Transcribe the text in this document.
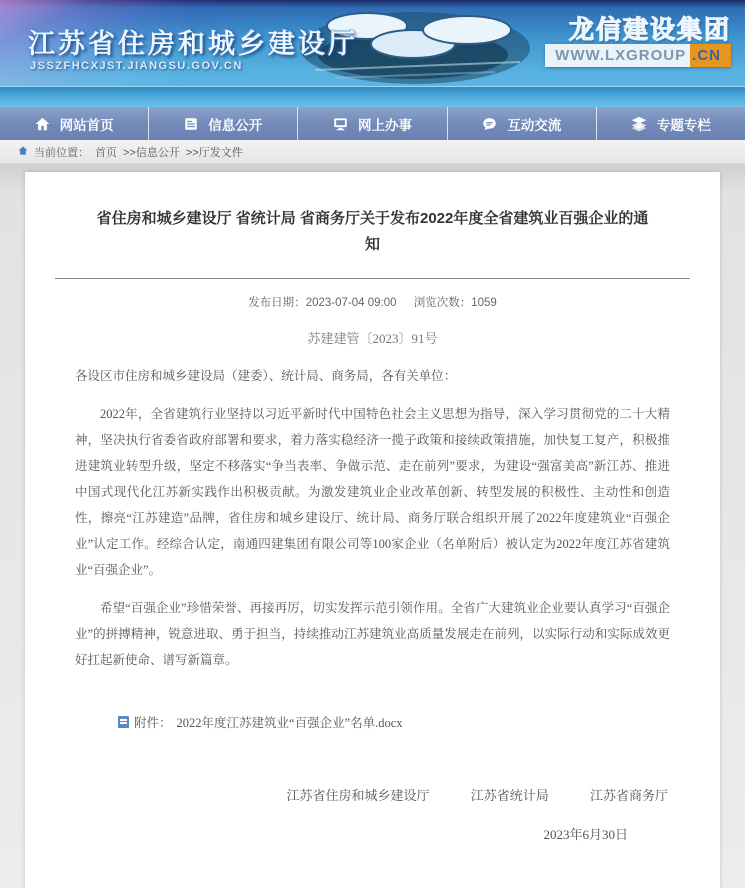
江苏省住房和城乡建设厅
JSSZFHCXJST.JIANGSU.GOV.CN
龙信建设集团
WWW.LXGROUP .CN
网站首页	信息公开	网上办事	互动交流	专题专栏
当前位置： 首页 >>信息公开 >>厅发文件
省住房和城乡建设厅 省统计局 省商务厅关于发布2022年度全省建筑业百强企业的通知
发布日期：2023-07-04 09:00 浏览次数：1059
苏建建管〔2023〕91号

各设区市住房和城乡建设局（建委）、统计局、商务局，各有关单位：

2022年，全省建筑行业坚持以习近平新时代中国特色社会主义思想为指导，深入学习贯彻党的二十大精神，坚决执行省委省政府部署和要求，着力落实稳经济一揽子政策和接续政策措施，加快复工复产，积极推进建筑业转型升级，坚定不移落实“争当表率、争做示范、走在前列”要求，为建设“强富美高”新江苏、推进中国式现代化江苏新实践作出积极贡献。为激发建筑业企业改革创新、转型发展的积极性、主动性和创造性，擦亮“江苏建造”品牌，省住房和城乡建设厅、统计局、商务厅联合组织开展了2022年度建筑业“百强企业”认定工作。经综合认定，南通四建集团有限公司等100家企业（名单附后）被认定为2022年度江苏省建筑业“百强企业”。

希望“百强企业”珍惜荣誉、再接再厉，切实发挥示范引领作用。全省广大建筑业企业要认真学习“百强企业”的拼搏精神，锐意进取、勇于担当，持续推动江苏建筑业高质量发展走在前列，以实际行动和实际成效更好扛起新使命、谱写新篇章。

附件： 2022年度江苏建筑业“百强企业”名单.docx
江苏省住房和城乡建设厅	江苏省统计局	江苏省商务厅
2023年6月30日
